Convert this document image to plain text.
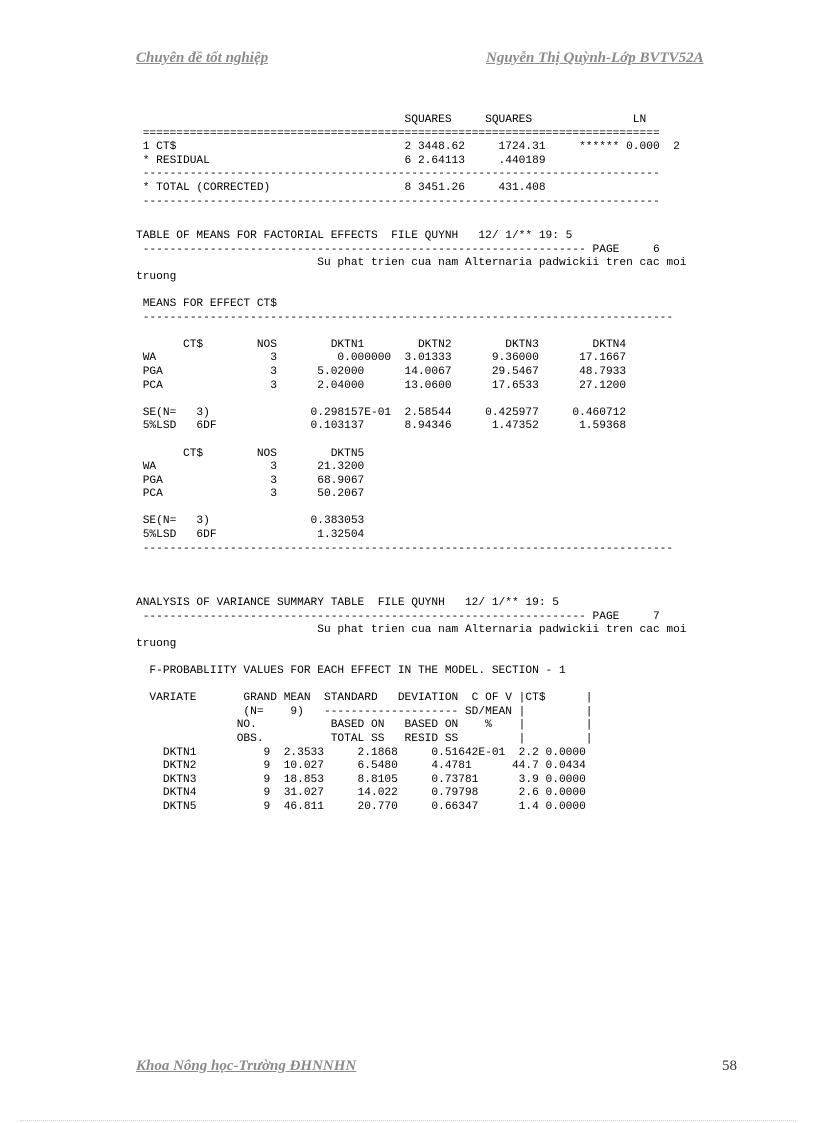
Chuyên đề tốt nghiệp	Nguyễn Thị Quỳnh-Lớp BVTV52A
SQUARES     SQUARES               LN
=============================================================================
1 CT$                                  2 3448.62     1724.31     ****** 0.000  2
* RESIDUAL                             6 2.64113     .440189
-----------------------------------------------------------------------------
* TOTAL (CORRECTED)                    8 3451.26     431.408
-----------------------------------------------------------------------------
TABLE OF MEANS FOR FACTORIAL EFFECTS  FILE QUYNH   12/ 1/** 19: 5
------------------------------------------------------------------ PAGE     6
Su phat trien cua nam Alternaria padwickii tren cac moi
truong

MEANS FOR EFFECT CT$
-------------------------------------------------------------------------------

CT$        NOS        DKTN1        DKTN2        DKTN3        DKTN4
WA                 3         0.000000  3.01333      9.36000      17.1667
PGA                3      5.02000      14.0067      29.5467      48.7933
PCA                3      2.04000      13.0600      17.6533      27.1200

SE(N=   3)               0.298157E-01  2.58544     0.425977     0.460712
5%LSD   6DF              0.103137      8.94346      1.47352      1.59368

CT$        NOS        DKTN5
WA                 3      21.3200
PGA                3      68.9067
PCA                3      50.2067

SE(N=   3)               0.383053
5%LSD   6DF               1.32504
-------------------------------------------------------------------------------
ANALYSIS OF VARIANCE SUMMARY TABLE  FILE QUYNH   12/ 1/** 19: 5
------------------------------------------------------------------ PAGE     7
Su phat trien cua nam Alternaria padwickii tren cac moi
truong

F-PROBABLIITY VALUES FOR EACH EFFECT IN THE MODEL. SECTION - 1

VARIATE       GRAND MEAN  STANDARD   DEVIATION  C OF V |CT$      |
(N=    9)   -------------------- SD/MEAN |         |
NO.           BASED ON   BASED ON    %    |         |
OBS.          TOTAL SS   RESID SS         |         |
DKTN1          9  2.3533     2.1868     0.51642E-01  2.2 0.0000
DKTN2          9  10.027     6.5480     4.4781      44.7 0.0434
DKTN3          9  18.853     8.8105     0.73781      3.9 0.0000
DKTN4          9  31.027     14.022     0.79798      2.6 0.0000
DKTN5          9  46.811     20.770     0.66347      1.4 0.0000
Khoa Nông học-Trường ĐHNNHN	58
